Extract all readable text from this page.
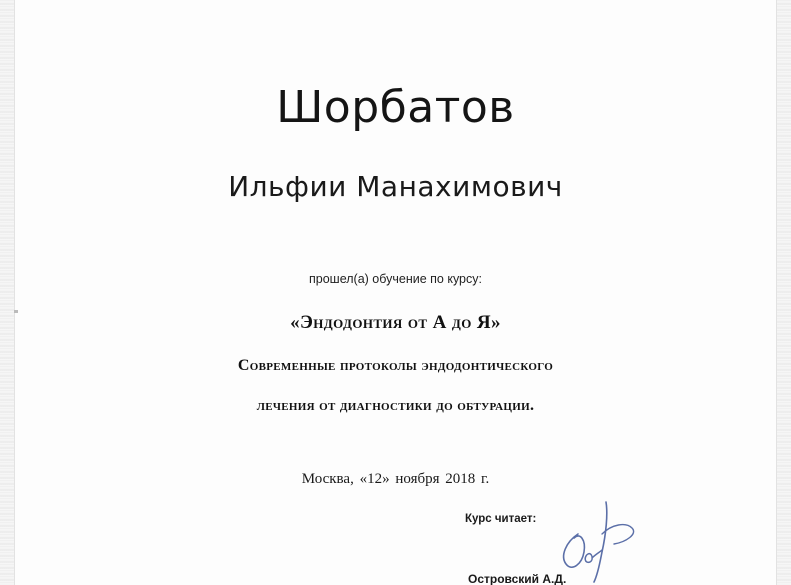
Шорбатов
Ильфии Манахимович
прошел(а) обучение по курсу:
«Эндодонтия от А до Я»
Современные протоколы эндодонтического
лечения от диагностики до обтурации.
Москва, «12» ноября 2018 г.
Курс читает:
Островский А.Д.
